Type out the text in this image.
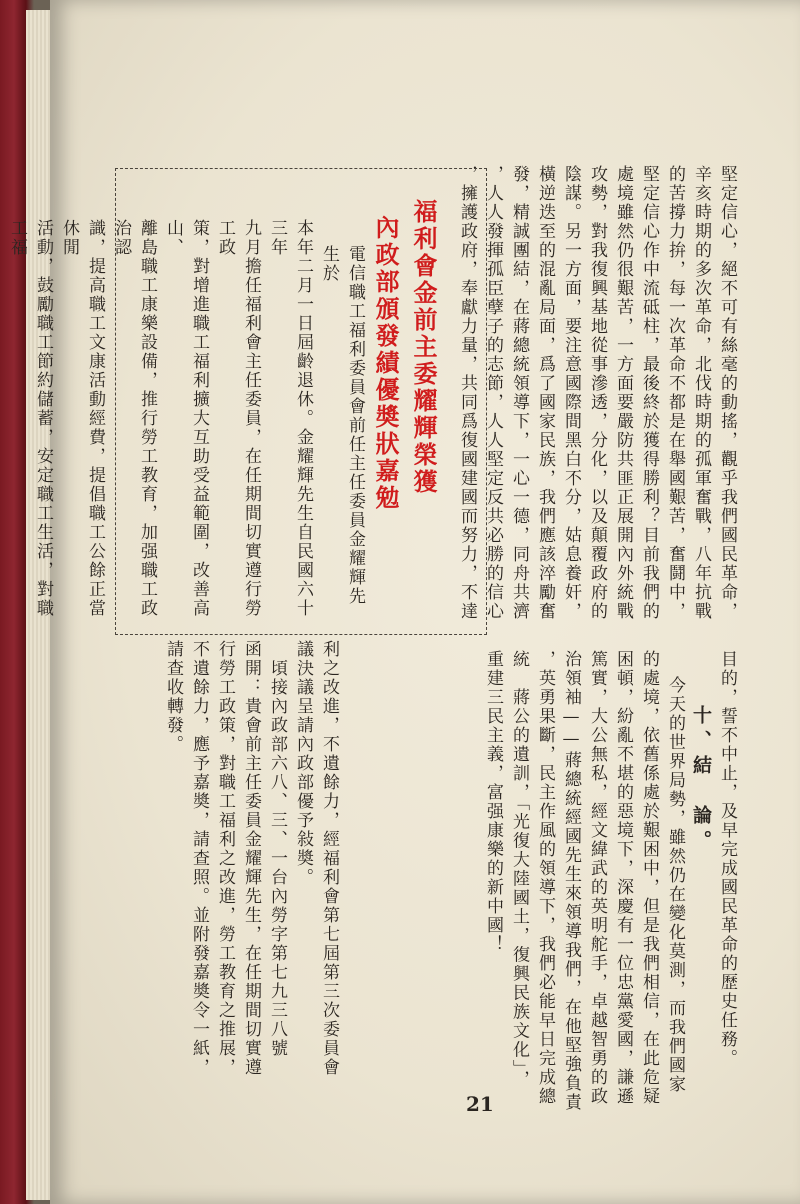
堅定信心，絕不可有絲毫的動搖，觀乎我們國民革命，

辛亥時期的多次革命，北伐時期的孤軍奮戰，八年抗戰

的苦撐力拚，每一次革命不都是在舉國艱苦，奮鬪中，

堅定信心作中流砥柱，最後終於獲得勝利？目前我們的

處境雖然仍很艱苦，一方面要嚴防共匪正展開內外統戰

攻勢，對我復興基地從事滲透，分化，以及顛覆政府的

陰謀。另一方面，要注意國際間黑白不分，姑息養奸，

橫逆迭至的混亂局面，爲了國家民族，我們應該淬勵奮

發，精誠團結，在蔣總統領導下，一心一德，同舟共濟

，人人發揮孤臣孽子的志節，人人堅定反共必勝的信心

，擁護政府，奉獻力量，共同爲復國建國而努力，不達

目的，誓不中止，及早完成國民革命的歷史任務。

十、結　論。

今天的世界局勢，雖然仍在變化莫測，而我們國家

的處境，依舊係處於艱困中，但是我們相信，在此危疑

困頓，紛亂不堪的惡境下，深慶有一位忠黨愛國，謙遜

篤實，大公無私，經文緯武的英明舵手，卓越智勇的政

治領袖——蔣總統經國先生來領導我們，在他堅強負責

，英勇果斷，民主作風的領導下，我們必能早日完成總

統　蔣公的遺訓，「光復大陸國土，復興民族文化」，

重建三民主義，富强康樂的新中國！

福利會金前主委耀輝榮獲
內政部頒發績優奬狀嘉勉

電信職工福利委員會前任主任委員金耀輝先生於

本年二月一日屆齡退休。金耀輝先生自民國六十三年

九月擔任福利會主任委員，在任期間切實遵行勞工政

策，對增進職工福利擴大互助受益範圍，改善高山、

離島職工康樂設備，推行勞工教育，加强職工政治認

識，提高職工文康活動經費，提倡職工公餘正當休閒

活動，鼓勵職工節約儲蓄，安定職工生活，對職工福

利之改進，不遺餘力，經福利會第七屆第三次委員會

議決議呈請內政部優予敍奬。

　頃接內政部六八、三、一台內勞字第七九三八號

函開：貴會前主任委員金耀輝先生，在任期間切實遵

行勞工政策，對職工福利之改進，勞工教育之推展，

不遺餘力，應予嘉奬，請查照。並附發嘉奬令一紙，

請查收轉發。

21
